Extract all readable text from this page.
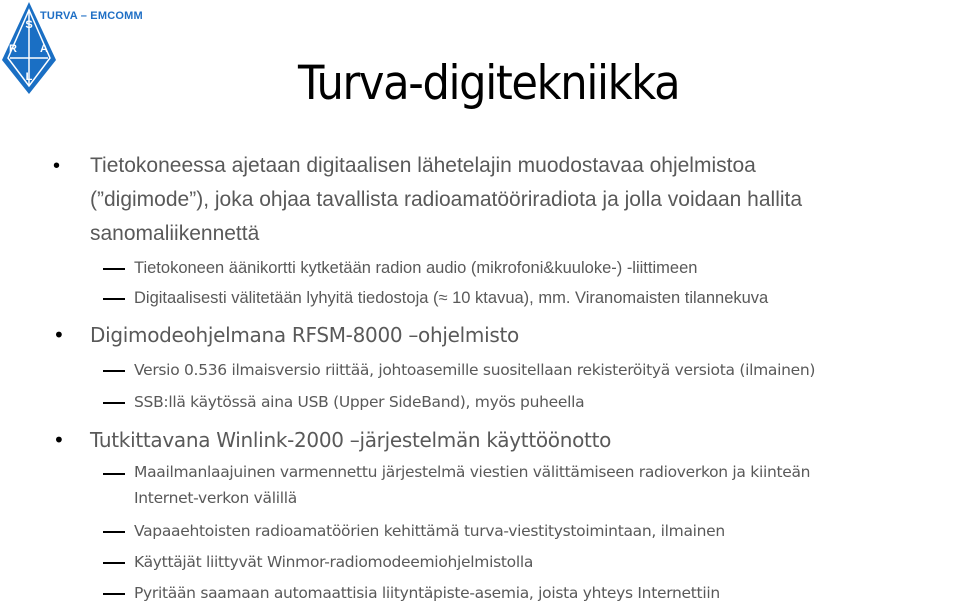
S
R A
L
TURVA – EMCOMM
Turva-digitekniikka
• Tietokoneessa ajetaan digitaalisen lähetelajin muodostavaa ohjelmistoa
(”digimode”), joka ohjaa tavallista radioamatööriradiota ja jolla voidaan hallita
sanomaliikennettä
Tietokoneen äänikortti kytketään radion audio (mikrofoni&kuuloke-) -liittimeen
Digitaalisesti välitetään lyhyitä tiedostoja (≈ 10 ktavua), mm. Viranomaisten tilannekuva
• Digimodeohjelmana RFSM-8000 –ohjelmisto
Versio 0.536 ilmaisversio riittää, johtoasemille suositellaan rekisteröityä versiota (ilmainen)
SSB:llä käytössä aina USB (Upper SideBand), myös puheella
• Tutkittavana Winlink-2000 –järjestelmän käyttöönotto
Maailmanlaajuinen varmennettu järjestelmä viestien välittämiseen radioverkon ja kiinteän
Internet-verkon välillä
Vapaaehtoisten radioamatöörien kehittämä turva-viestitystoimintaan, ilmainen
Käyttäjät liittyvät Winmor-radiomodeemiohjelmistolla
Pyritään saamaan automaattisia liityntäpiste-asemia, joista yhteys Internettiin
